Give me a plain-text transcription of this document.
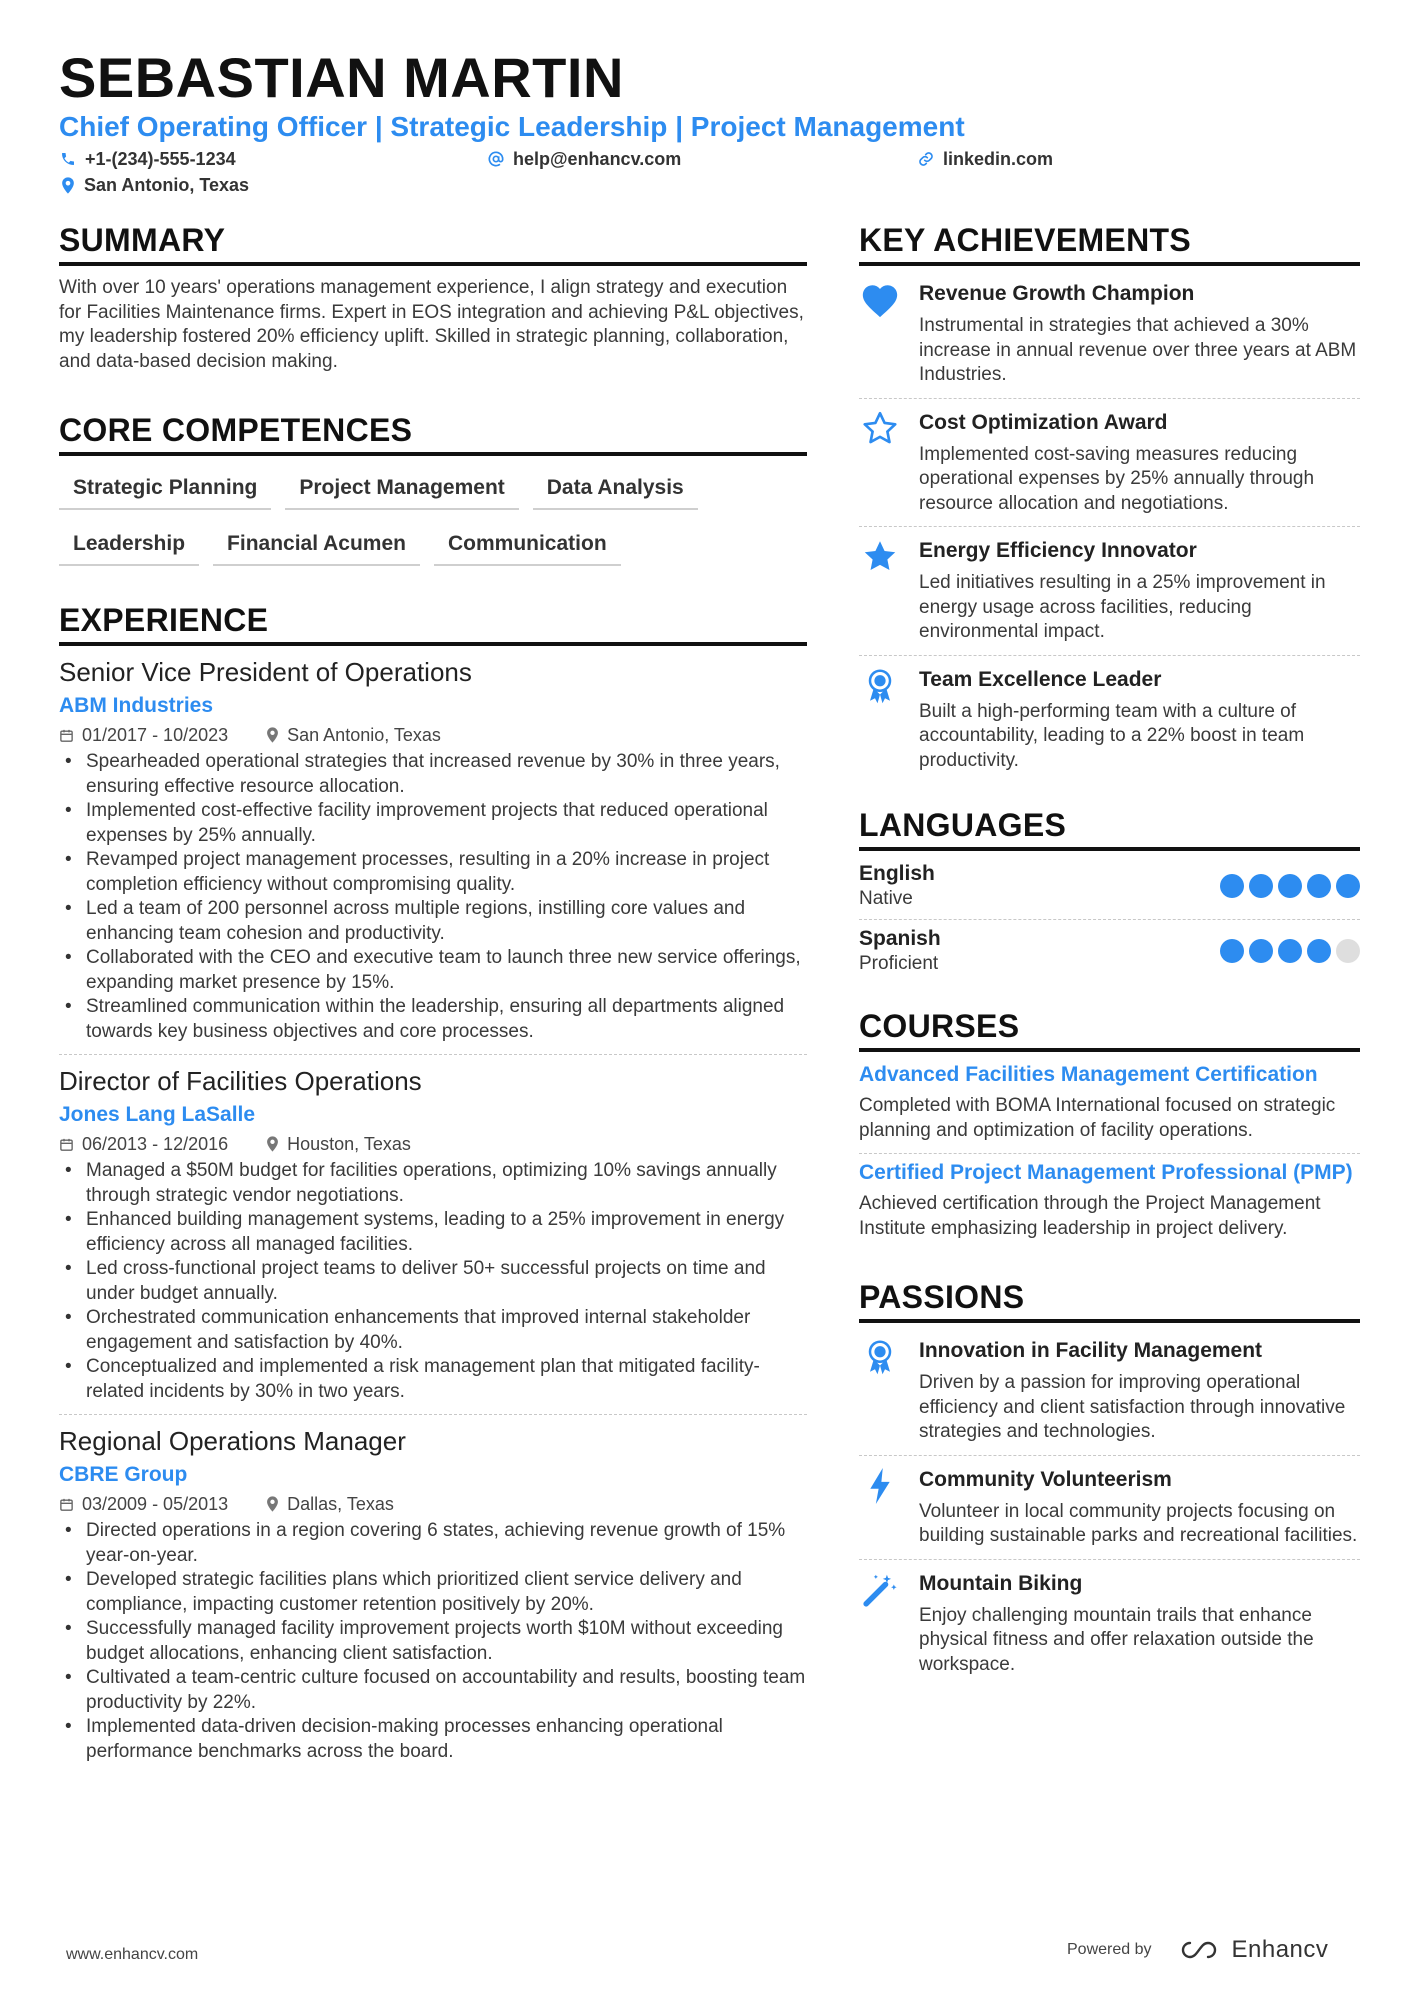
SEBASTIAN MARTIN
Chief Operating Officer | Strategic Leadership | Project Management
+1-(234)-555-1234	help@enhancv.com	linkedin.com
San Antonio, Texas
SUMMARY
With over 10 years' operations management experience, I align strategy and execution for Facilities Maintenance firms. Expert in EOS integration and achieving P&L objectives, my leadership fostered 20% efficiency uplift. Skilled in strategic planning, collaboration, and data-based decision making.
CORE COMPETENCES
Strategic Planning	Project Management	Data Analysis
Leadership	Financial Acumen	Communication
EXPERIENCE
Senior Vice President of Operations
ABM Industries
01/2017 - 10/2023	San Antonio, Texas
• Spearheaded operational strategies that increased revenue by 30% in three years, ensuring effective resource allocation.
• Implemented cost-effective facility improvement projects that reduced operational expenses by 25% annually.
• Revamped project management processes, resulting in a 20% increase in project completion efficiency without compromising quality.
• Led a team of 200 personnel across multiple regions, instilling core values and enhancing team cohesion and productivity.
• Collaborated with the CEO and executive team to launch three new service offerings, expanding market presence by 15%.
• Streamlined communication within the leadership, ensuring all departments aligned towards key business objectives and core processes.
Director of Facilities Operations
Jones Lang LaSalle
06/2013 - 12/2016	Houston, Texas
• Managed a $50M budget for facilities operations, optimizing 10% savings annually through strategic vendor negotiations.
• Enhanced building management systems, leading to a 25% improvement in energy efficiency across all managed facilities.
• Led cross-functional project teams to deliver 50+ successful projects on time and under budget annually.
• Orchestrated communication enhancements that improved internal stakeholder engagement and satisfaction by 40%.
• Conceptualized and implemented a risk management plan that mitigated facility-related incidents by 30% in two years.
Regional Operations Manager
CBRE Group
03/2009 - 05/2013	Dallas, Texas
• Directed operations in a region covering 6 states, achieving revenue growth of 15% year-on-year.
• Developed strategic facilities plans which prioritized client service delivery and compliance, impacting customer retention positively by 20%.
• Successfully managed facility improvement projects worth $10M without exceeding budget allocations, enhancing client satisfaction.
• Cultivated a team-centric culture focused on accountability and results, boosting team productivity by 22%.
• Implemented data-driven decision-making processes enhancing operational performance benchmarks across the board.
KEY ACHIEVEMENTS
Revenue Growth Champion
Instrumental in strategies that achieved a 30% increase in annual revenue over three years at ABM Industries.
Cost Optimization Award
Implemented cost-saving measures reducing operational expenses by 25% annually through resource allocation and negotiations.
Energy Efficiency Innovator
Led initiatives resulting in a 25% improvement in energy usage across facilities, reducing environmental impact.
Team Excellence Leader
Built a high-performing team with a culture of accountability, leading to a 22% boost in team productivity.
LANGUAGES
English
Native
Spanish
Proficient
COURSES
Advanced Facilities Management Certification
Completed with BOMA International focused on strategic planning and optimization of facility operations.
Certified Project Management Professional (PMP)
Achieved certification through the Project Management Institute emphasizing leadership in project delivery.
PASSIONS
Innovation in Facility Management
Driven by a passion for improving operational efficiency and client satisfaction through innovative strategies and technologies.
Community Volunteerism
Volunteer in local community projects focusing on building sustainable parks and recreational facilities.
Mountain Biking
Enjoy challenging mountain trails that enhance physical fitness and offer relaxation outside the workspace.
www.enhancv.com	Powered by	Enhancv
